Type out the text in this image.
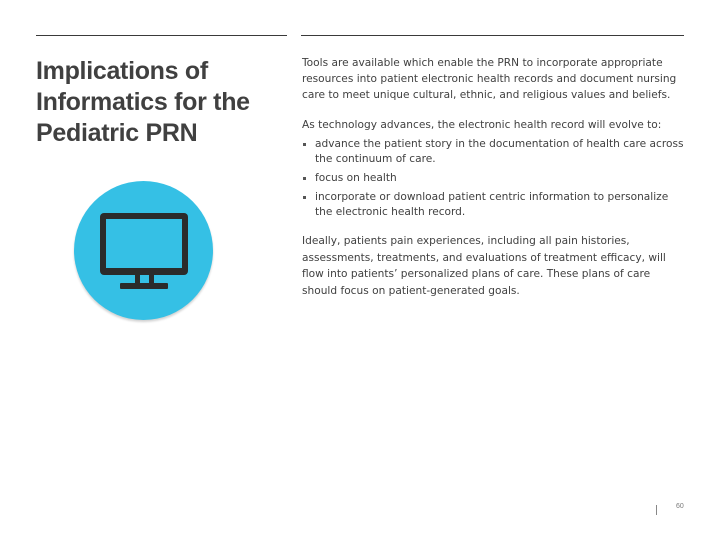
Implications of Informatics for the Pediatric PRN

Tools are available which enable the PRN to incorporate appropriate resources into patient electronic health records and document nursing care to meet unique cultural, ethnic, and religious values and beliefs.

As technology advances, the electronic health record will evolve to:

advance the patient story in the documentation of health care across the continuum of care.
focus on health
incorporate or download patient centric information to personalize the electronic health record.

Ideally, patients pain experiences, including all pain histories, assessments, treatments, and evaluations of treatment efficacy, will flow into patients’ personalized plans of care. These plans of care should focus on patient-generated goals.

60
